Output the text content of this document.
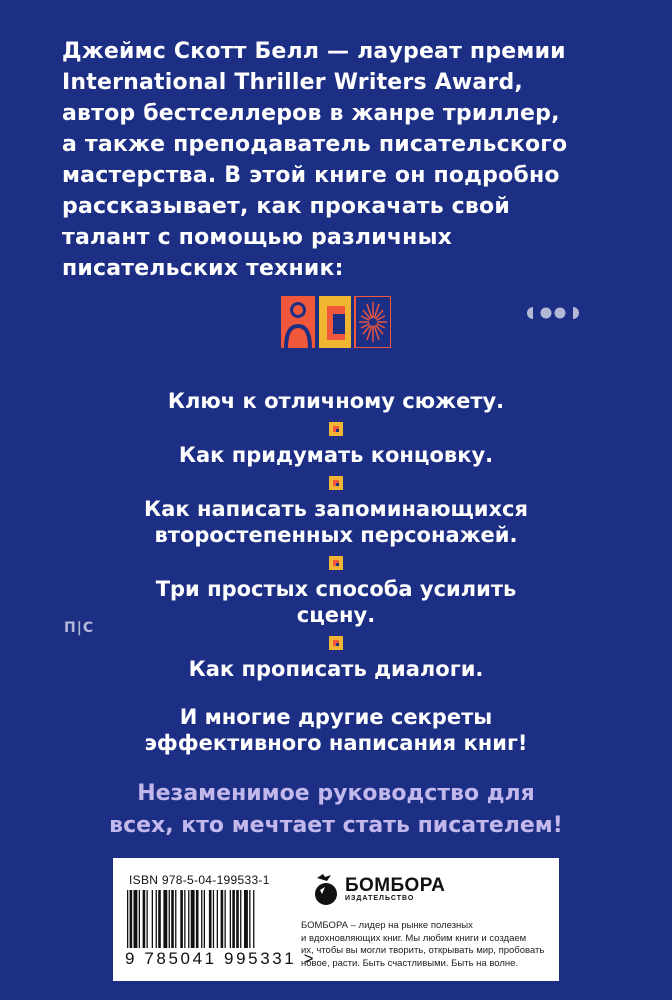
Джеймс Скотт Белл — лауреат премии
International Thriller Writers Award,
автор бестселлеров в жанре триллер,
а также преподаватель писательского
мастерства. В этой книге он подробно
рассказывает, как прокачать свой
талант с помощью различных
писательских техник:
П|С
Ключ к отличному сюжету.
Как придумать концовку.
Как написать запоминающихся
второстепенных персонажей.
Три простых способа усилить
сцену.
Как прописать диалоги.
И многие другие секреты
эффективного написания книг!
Незаменимое руководство для
всех, кто мечтает стать писателем!
ISBN 978-5-04-199533-1
9 785041 995331 >
БОМБОРА
ИЗДАТЕЛЬСТВО
БОМБОРА – лидер на рынке полезных
и вдохновляющих книг. Мы любим книги и создаем
их, чтобы вы могли творить, открывать мир, пробовать
новое, расти. Быть счастливыми. Быть на волне.
